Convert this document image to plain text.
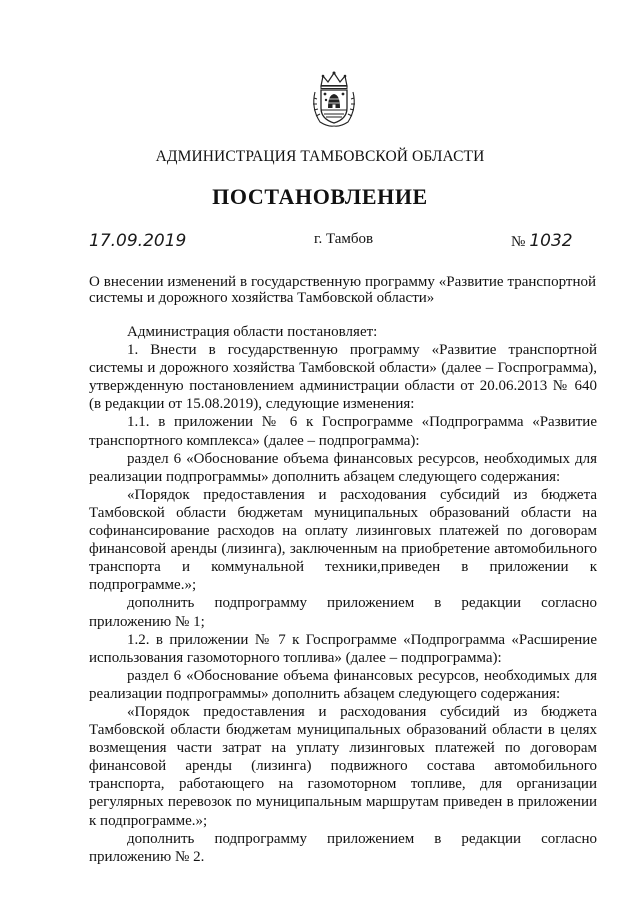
АДМИНИСТРАЦИЯ ТАМБОВСКОЙ ОБЛАСТИ
ПОСТАНОВЛЕНИЕ
17.09.2019	г. Тамбов	№ 1032

О внесении изменений в государственную программу «Развитие транспортной системы и дорожного хозяйства Тамбовской области»

Администрация области постановляет:

1. Внести в государственную программу «Развитие транспортной системы и дорожного хозяйства Тамбовской области» (далее – Госпрограмма), утвержденную постановлением администрации области от 20.06.2013 № 640 (в редакции от 15.08.2019), следующие изменения:

1.1. в приложении № 6 к Госпрограмме «Подпрограмма «Развитие транспортного комплекса» (далее – подпрограмма):

раздел 6 «Обоснование объема финансовых ресурсов, необходимых для реализации подпрограммы» дополнить абзацем следующего содержания:

«Порядок предоставления и расходования субсидий из бюджета Тамбовской области бюджетам муниципальных образований области на софинансирование расходов на оплату лизинговых платежей по договорам финансовой аренды (лизинга), заключенным на приобретение автомобильного транспорта и коммунальной техники,приведен в приложении к подпрограмме.»;

дополнить подпрограмму приложением в редакции согласно приложению № 1;

1.2. в приложении № 7 к Госпрограмме «Подпрограмма «Расширение использования газомоторного топлива» (далее – подпрограмма):

раздел 6 «Обоснование объема финансовых ресурсов, необходимых для реализации подпрограммы» дополнить абзацем следующего содержания:

«Порядок предоставления и расходования субсидий из бюджета Тамбовской области бюджетам муниципальных образований области в целях возмещения части затрат на уплату лизинговых платежей по договорам финансовой аренды (лизинга) подвижного состава автомобильного транспорта, работающего на газомоторном топливе, для организации регулярных перевозок по муниципальным маршрутам приведен в приложении к подпрограмме.»;

дополнить подпрограмму приложением в редакции согласно приложению № 2.
